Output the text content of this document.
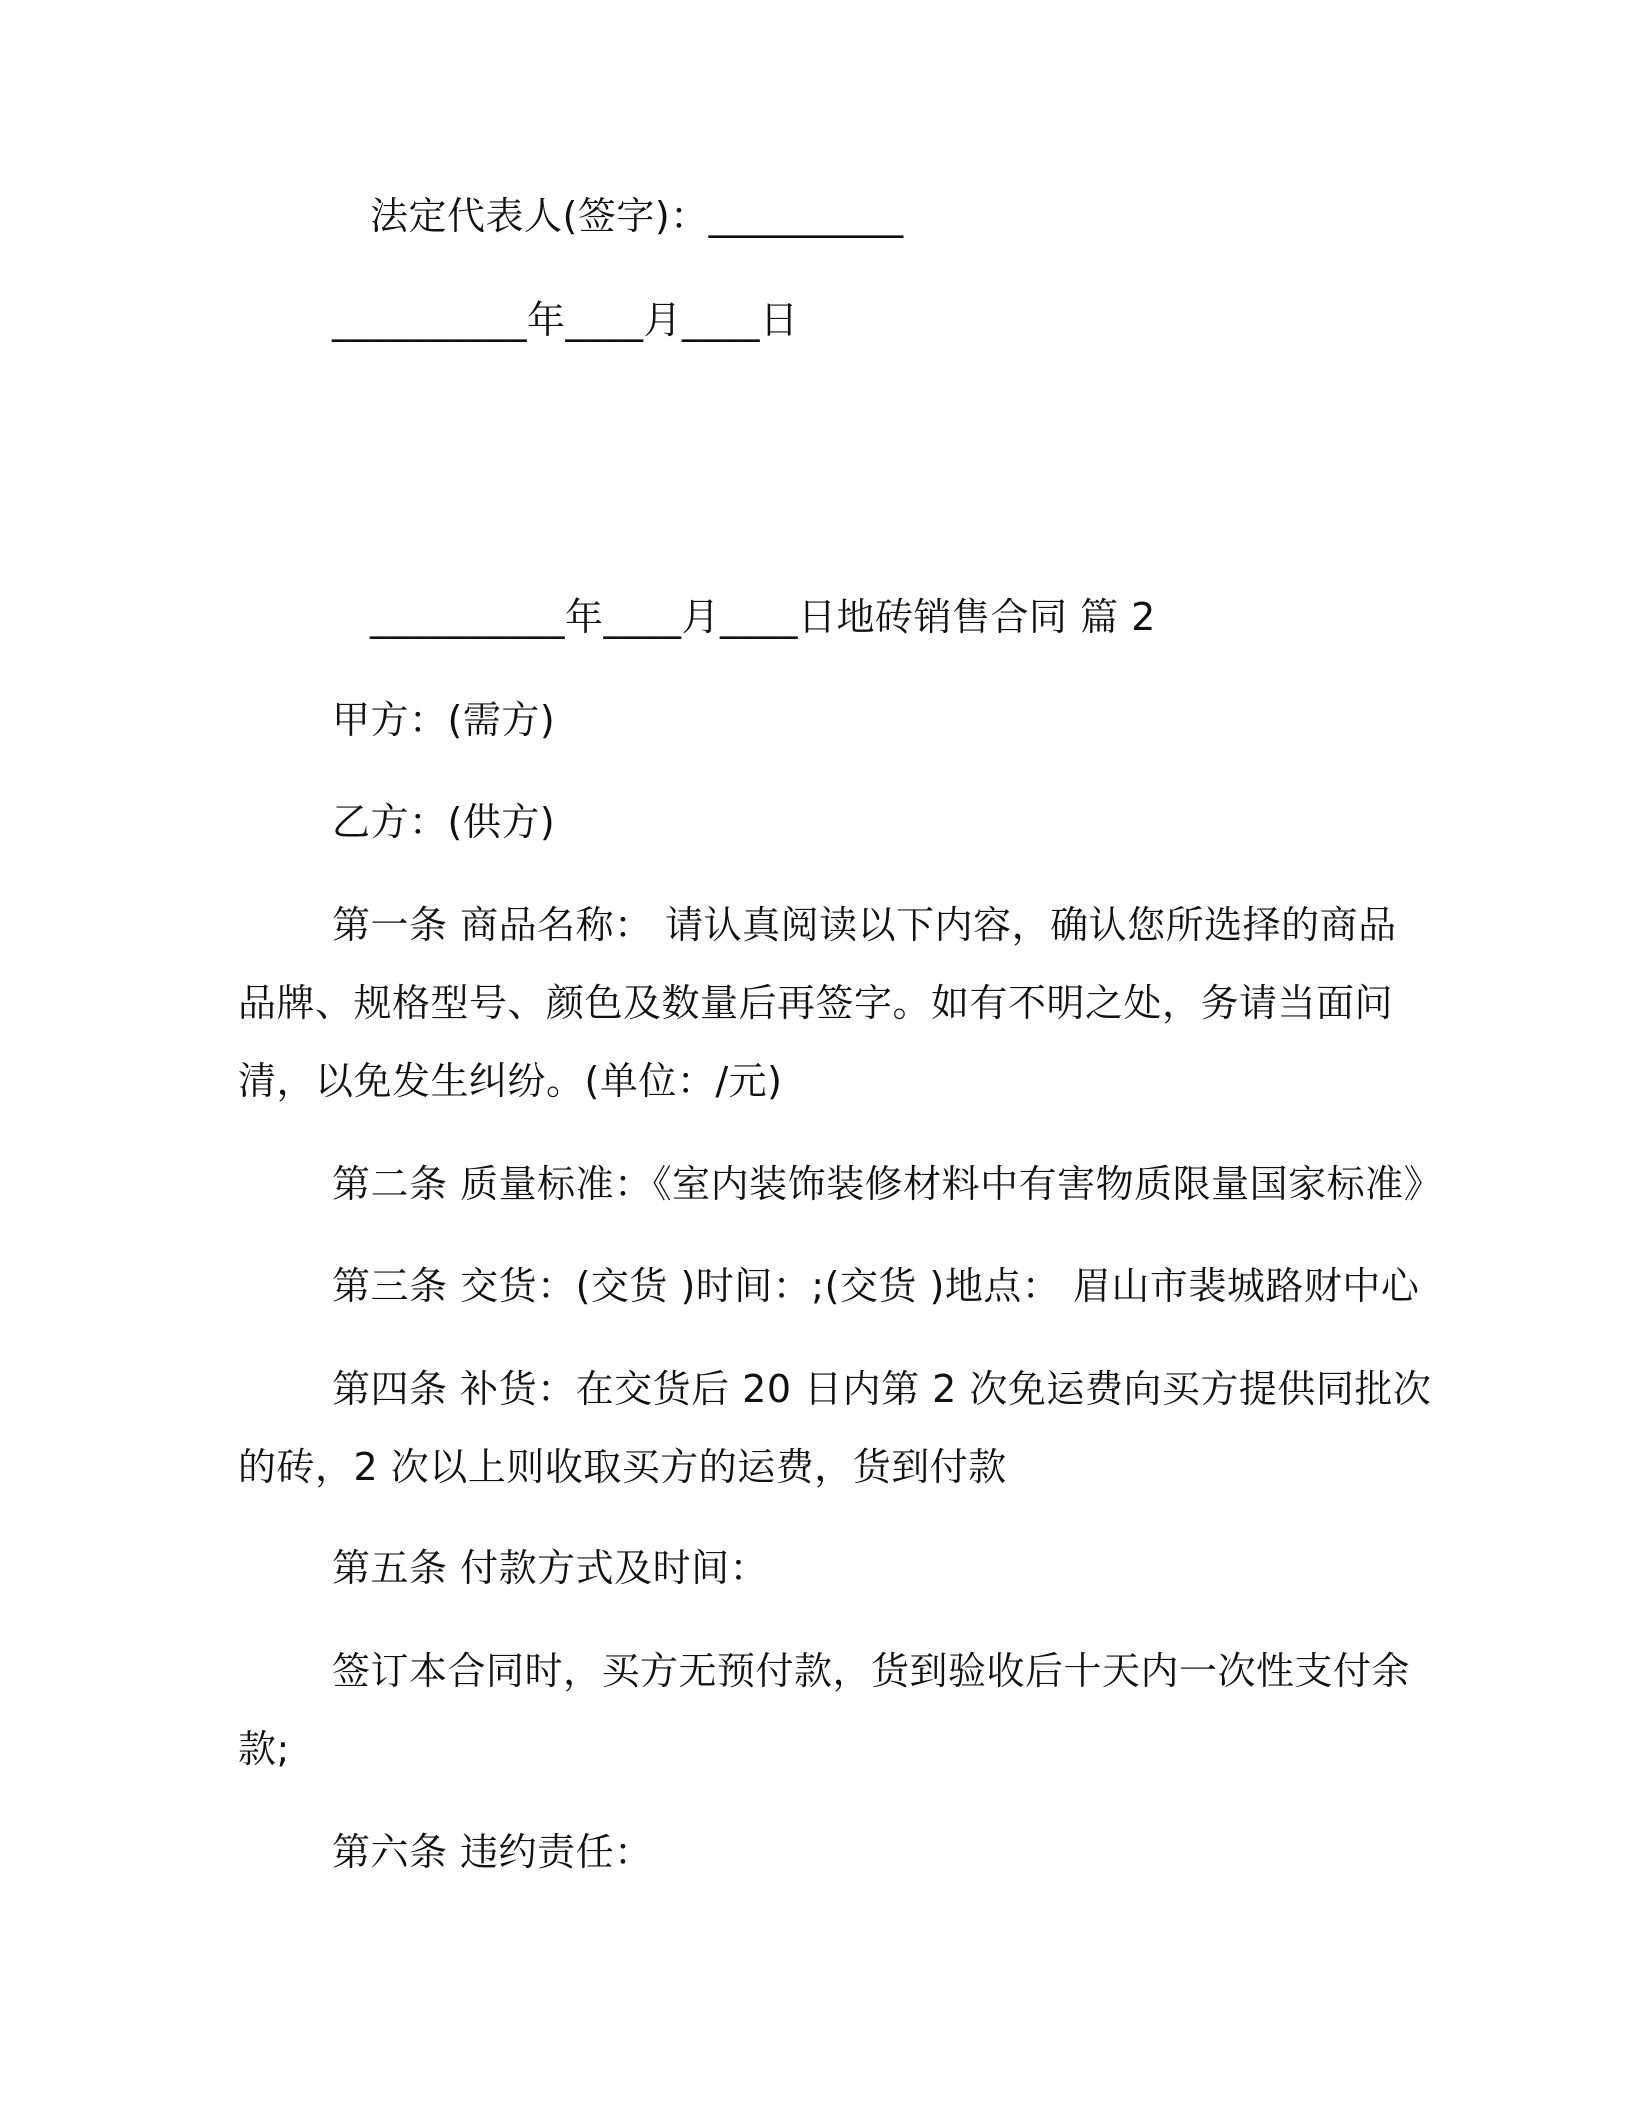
法定代表人(签字)：__________
__________年____月____日
__________年____月____日地砖销售合同 篇 2
甲方：(需方)
乙方：(供方)
第一条 商品名称： 请认真阅读以下内容，确认您所选择的商品
品牌、规格型号、颜色及数量后再签字。如有不明之处，务请当面问
清，以免发生纠纷。(单位：/元)
第二条 质量标准：《室内装饰装修材料中有害物质限量国家标准》
第三条 交货：(交货 )时间：;(交货 )地点： 眉山市裴城路财中心
第四条 补货：在交货后 20 日内第 2 次免运费向买方提供同批次
的砖，2 次以上则收取买方的运费，货到付款
第五条 付款方式及时间：
签订本合同时，买方无预付款，货到验收后十天内一次性支付余
款;
第六条 违约责任：
